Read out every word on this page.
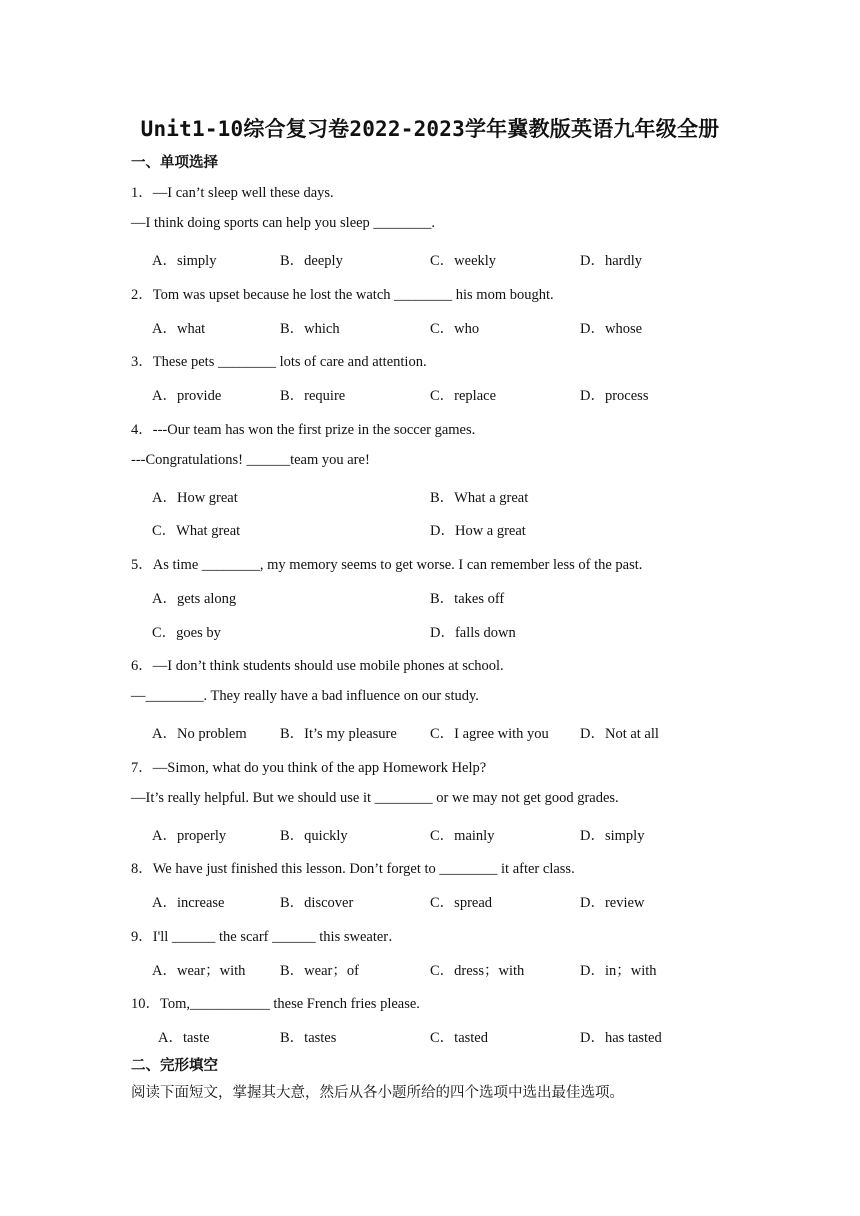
Unit1-10综合复习卷2022-2023学年冀教版英语九年级全册
一、单项选择
1．—I can’t sleep well these days.
—I think doing sports can help you sleep ________.
A．simply	B．deeply	C．weekly	D．hardly
2．Tom was upset because he lost the watch ________ his mom bought.
A．what	B．which	C．who	D．whose
3．These pets ________ lots of care and attention.
A．provide	B．require	C．replace	D．process
4．---Our team has won the first prize in the soccer games.
---Congratulations! ______team you are!
A．How great	B．What a great
C．What great	D．How a great
5．As time ________, my memory seems to get worse. I can remember less of the past.
A．gets along	B．takes off
C．goes by	D．falls down
6．—I don’t think students should use mobile phones at school.
—________. They really have a bad influence on our study.
A．No problem B．It’s my pleasure C．I agree with you D．Not at all
7．—Simon, what do you think of the app Homework Help?
—It’s really helpful. But we should use it ________ or we may not get good grades.
A．properly	B．quickly	C．mainly	D．simply
8．We have just finished this lesson. Don’t forget to ________ it after class.
A．increase	B．discover	C．spread	D．review
9．I'll ______ the scarf ______ this sweater．
A．wear；with B．wear；of	C．dress；with	D．in；with
10．Tom,___________ these French fries please.
A．taste	B．tastes	C．tasted	D．has tasted
二、完形填空
阅读下面短文，掌握其大意，然后从各小题所给的四个选项中选出最佳选项。
